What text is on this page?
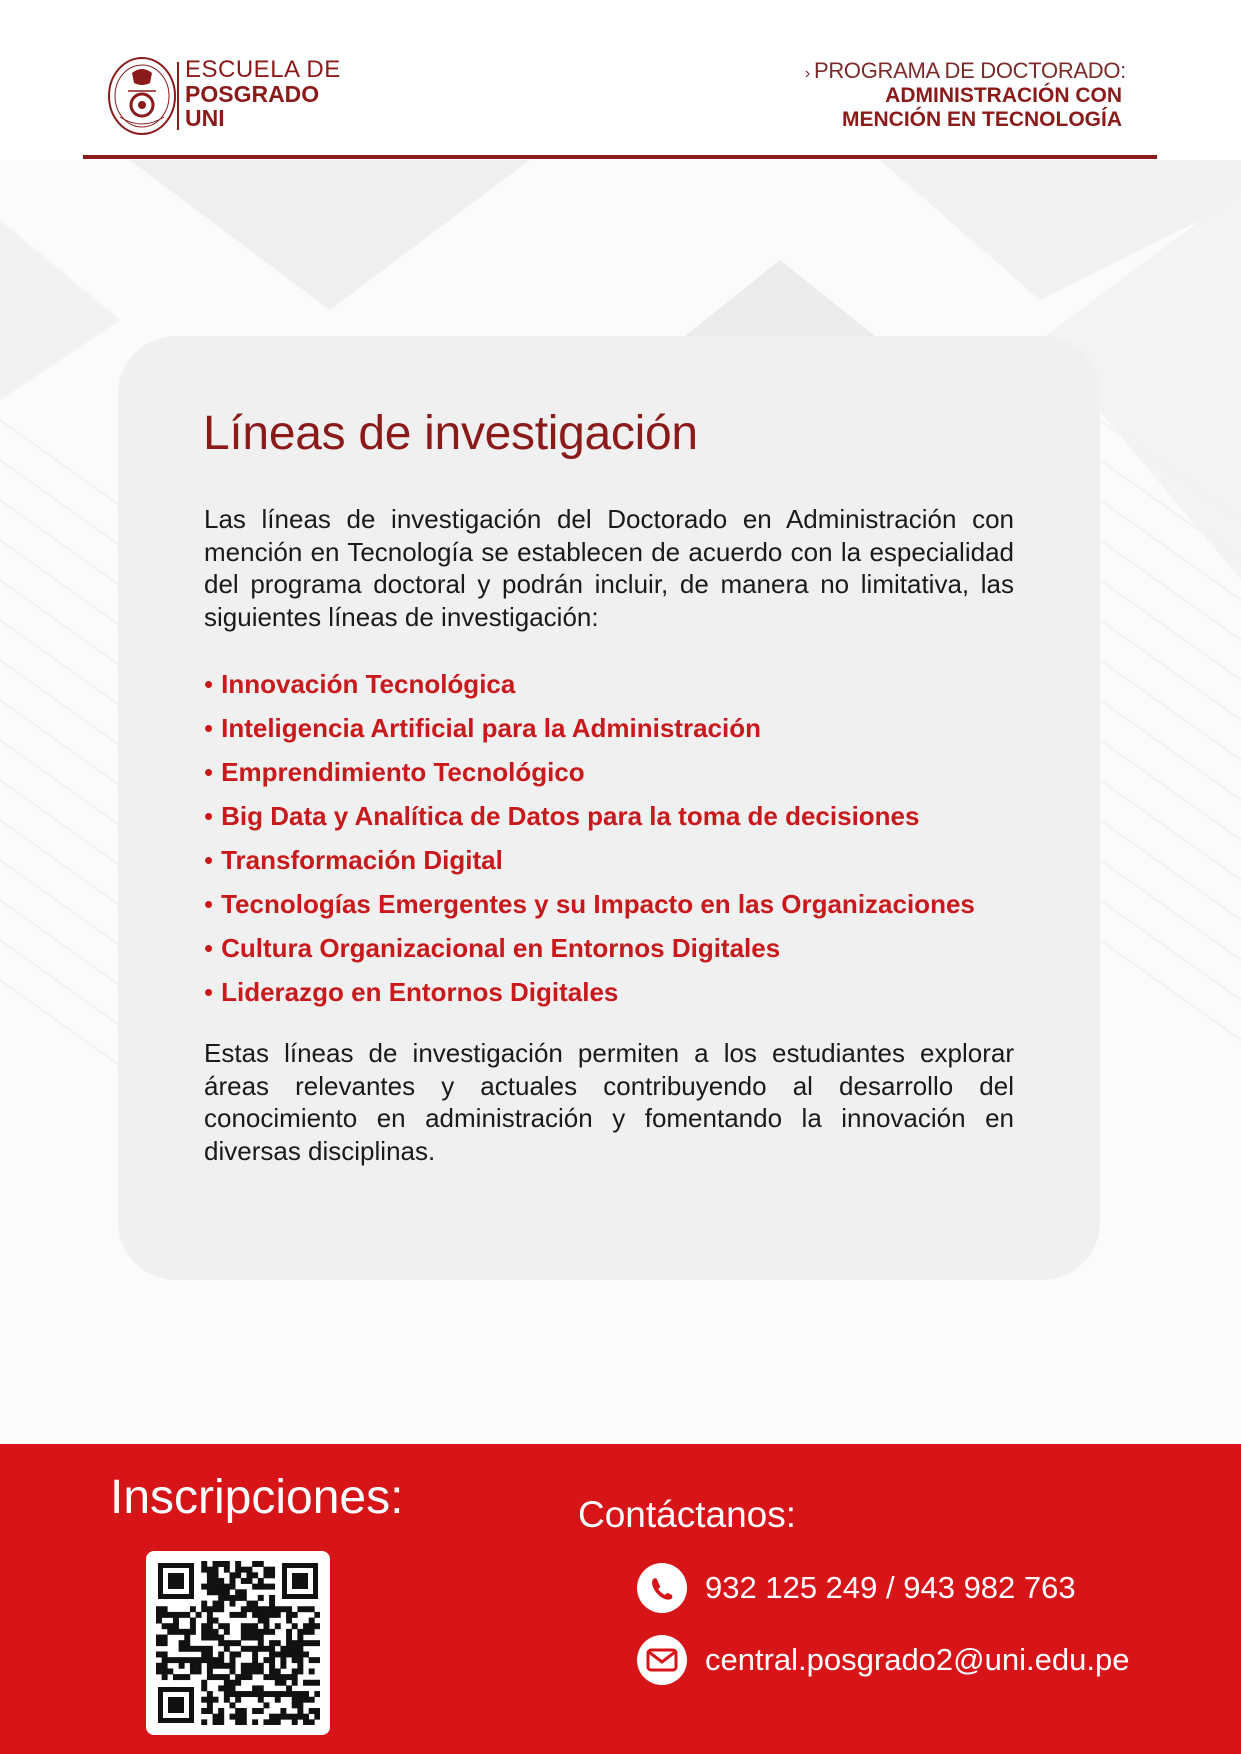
ESCUELA DE
POSGRADO
UNI
› PROGRAMA DE DOCTORADO:
ADMINISTRACIÓN CON
MENCIÓN EN TECNOLOGÍA
Líneas de investigación

Las líneas de investigación del Doctorado en Administración con mención en Tecnología se establecen de acuerdo con la especialidad del programa doctoral y podrán incluir, de manera no limitativa, las siguientes líneas de investigación:

• Innovación Tecnológica
• Inteligencia Artificial para la Administración
• Emprendimiento Tecnológico
• Big Data y Analítica de Datos para la toma de decisiones
• Transformación Digital
• Tecnologías Emergentes y su Impacto en las Organizaciones
• Cultura Organizacional en Entornos Digitales
• Liderazgo en Entornos Digitales

Estas líneas de investigación permiten a los estudiantes explorar áreas relevantes y actuales contribuyendo al desarrollo del conocimiento en administración y fomentando la innovación en diversas disciplinas.

Inscripciones:	Contáctanos:
932 125 249 / 943 982 763
central.posgrado2@uni.edu.pe
